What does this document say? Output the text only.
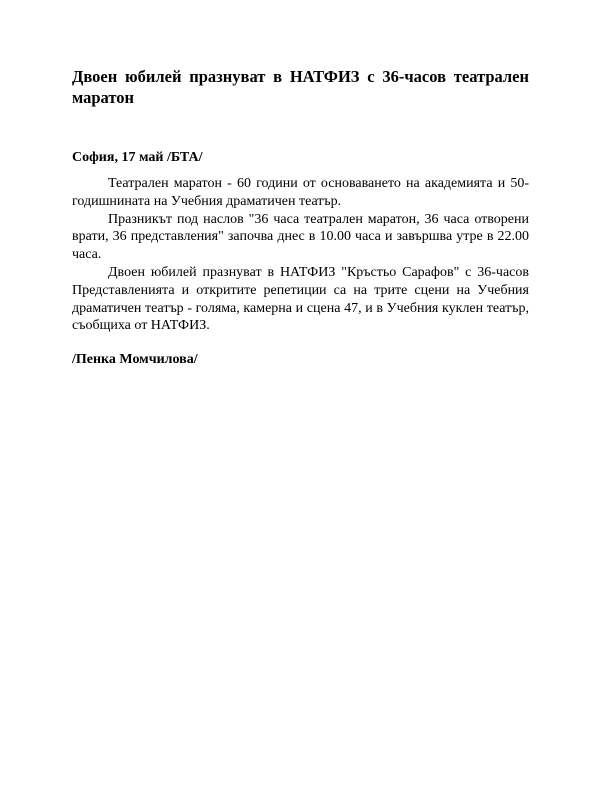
Двоен юбилей празнуват в НАТФИЗ с 36-часов театрален маратон

София, 17 май /БТА/

Театрален маратон - 60 години от основаването на академията и 50-годишнината на Учебния драматичен театър.

Празникът под наслов "36 часа театрален маратон, 36 часа отворени врати, 36 представления" започва днес в 10.00 часа и завършва утре в 22.00 часа.

Двоен юбилей празнуват в НАТФИЗ "Кръстьо Сарафов" с 36-часов Представленията и откритите репетиции са на трите сцени на Учебния драматичен театър - голяма, камерна и сцена 47, и в Учебния куклен театър, съобщиха от НАТФИЗ.

/Пенка Момчилова/
